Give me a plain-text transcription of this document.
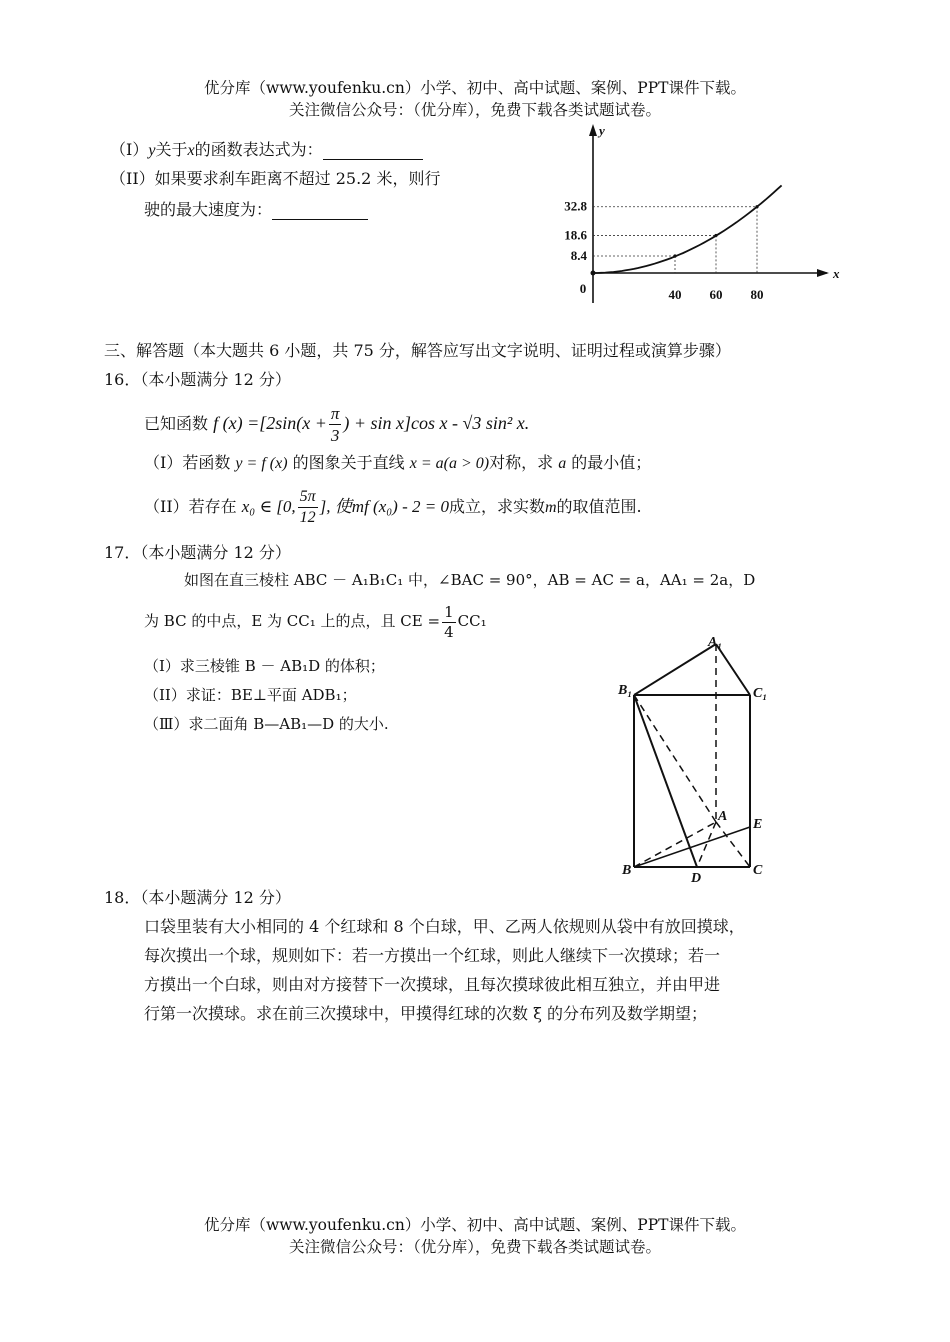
优分库（www.youfenku.cn）小学、初中、高中试题、案例、PPT课件下载。
关注微信公众号：（优分库），免费下载各类试题试卷。
（I）y关于x的函数表达式为：
（II）如果要求刹车距离不超过 25.2 米，则行
驶的最大速度为：
y
x
0
8.4
40
18.6
60
32.8
80
三、解答题（本大题共 6 小题，共 75 分，解答应写出文字说明、证明过程或演算步骤）
16．（本小题满分 12 分）
已知函数 f $(x) =[2\sin(x + \frac{\pi}{3}$ ) + sin x]cos x - √3 sin² x.
（I）若函数 y = f (x) 的图象关于直线 x = a(a > 0)对称，求 a 的最小值；
（II）若存在 x₀ ∈ [0, $\frac{5\pi}{12}$ ], 使mf (x₀) - 2 = 0成立，求实数m的取值范围.
17．（本小题满分 12 分）
如图在直三棱柱 ABC － A₁B₁C₁ 中，∠BAC = 90°，AB = AC = a，AA₁ = 2a，D
为 BC 的中点，E 为 CC₁ 上的点，且 CE = $\frac{1}{4} CC_1$
（I）求三棱锥 B － AB₁D 的体积；
（II）求证：BE⊥平面 ADB₁；
（Ⅲ）求二面角 B—AB₁—D 的大小.
A₁
B₁	C₁
A
E
B	C
D
18．（本小题满分 12 分）
口袋里装有大小相同的 4 个红球和 8 个白球，甲、乙两人依规则从袋中有放回摸球，
每次摸出一个球，规则如下：若一方摸出一个红球，则此人继续下一次摸球；若一
方摸出一个白球，则由对方接替下一次摸球，且每次摸球彼此相互独立，并由甲进
行第一次摸球。求在前三次摸球中，甲摸得红球的次数 ξ 的分布列及数学期望；
优分库（www.youfenku.cn）小学、初中、高中试题、案例、PPT课件下载。
关注微信公众号：（优分库），免费下载各类试题试卷。
